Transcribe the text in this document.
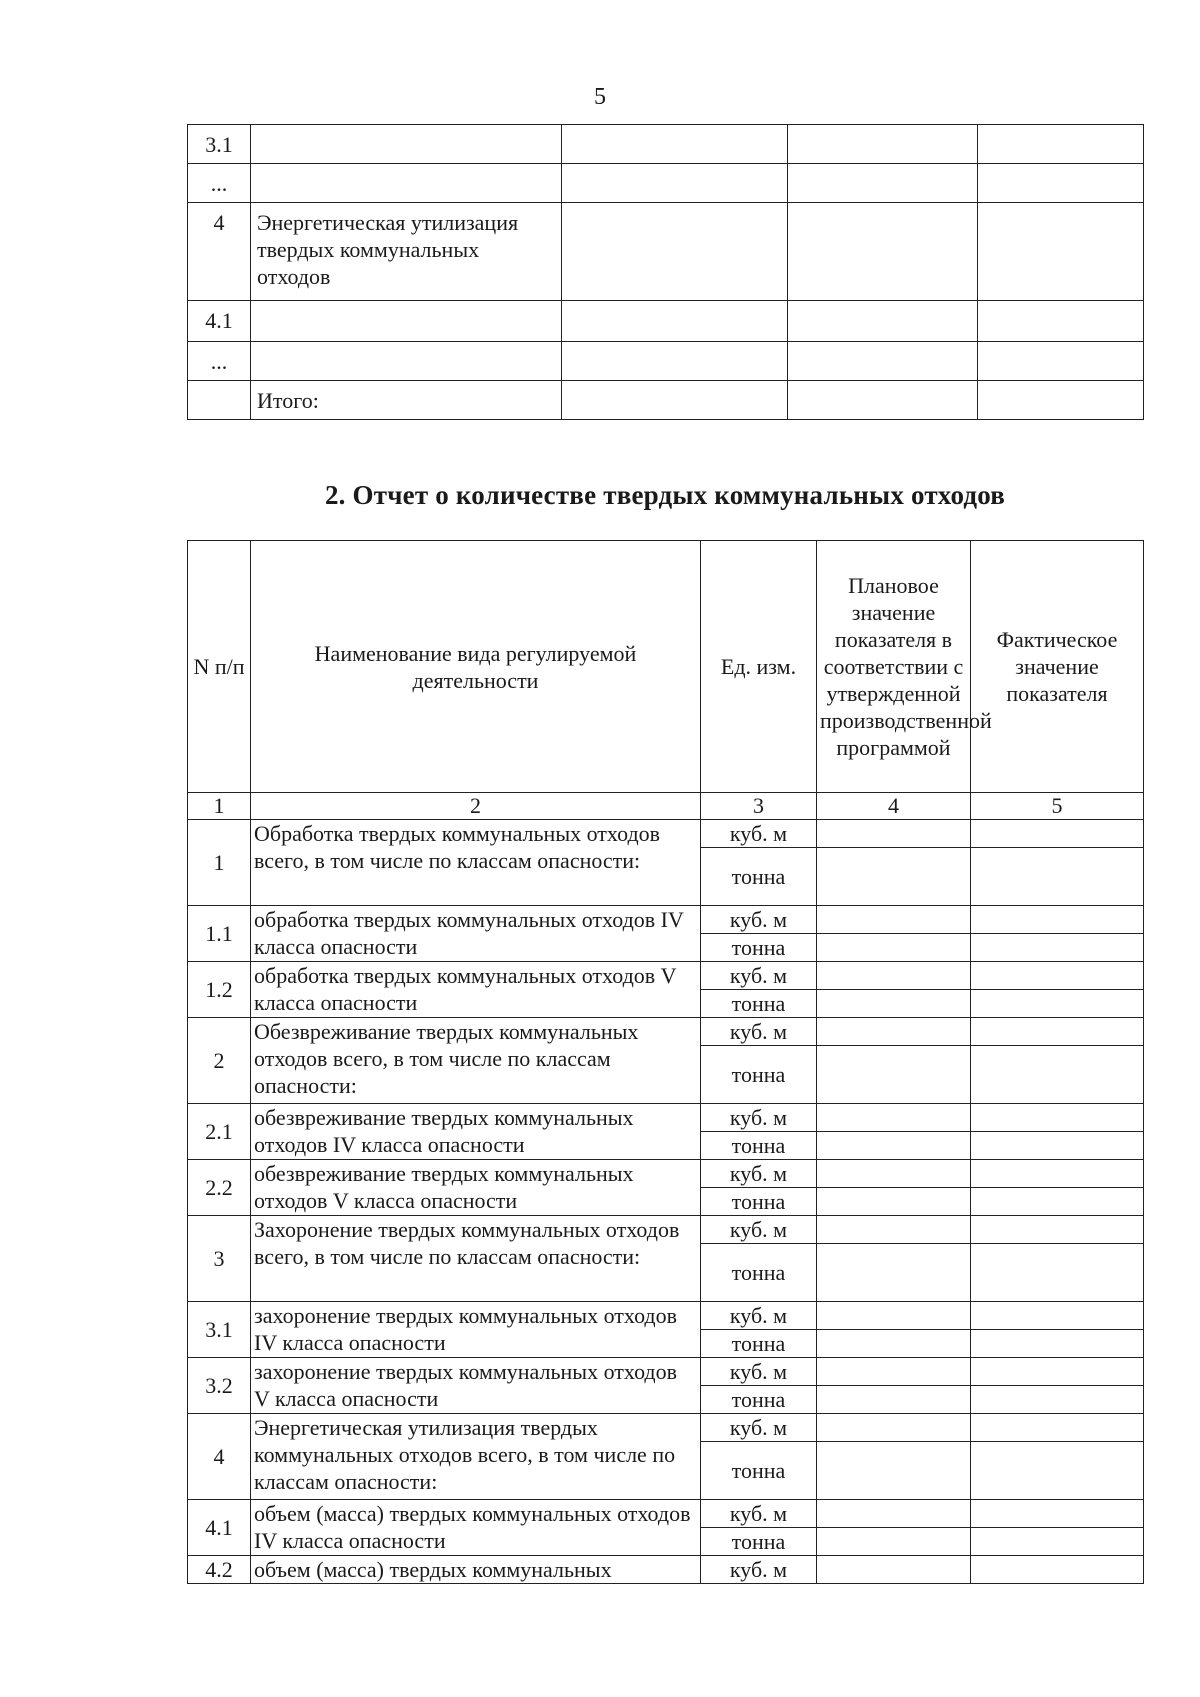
5
3.1				
...				
4	Энергетическая утилизация твердых коммунальных отходов			
4.1				
...				
	Итого:			
2. Отчет о количестве твердых коммунальных отходов
N п/п	Наименование вида регулируемой деятельности	Ед. изм.	Плановое значение показателя в соответствии с утвержденной производственной программой	Фактическое значение показателя
1	2	3	4	5
1	Обработка твердых коммунальных отходов всего, в том числе по классам опасности:	куб. м		
		тонна		
1.1	обработка твердых коммунальных отходов IV класса опасности	куб. м		
		тонна		
1.2	обработка твердых коммунальных отходов V класса опасности	куб. м		
		тонна		
2	Обезвреживание твердых коммунальных отходов всего, в том числе по классам опасности:	куб. м		
		тонна		
2.1	обезвреживание твердых коммунальных отходов IV класса опасности	куб. м		
		тонна		
2.2	обезвреживание твердых коммунальных отходов V класса опасности	куб. м		
		тонна		
3	Захоронение твердых коммунальных отходов всего, в том числе по классам опасности:	куб. м		
		тонна		
3.1	захоронение твердых коммунальных отходов IV класса опасности	куб. м		
		тонна		
3.2	захоронение твердых коммунальных отходов V класса опасности	куб. м		
		тонна		
4	Энергетическая утилизация твердых коммунальных отходов всего, в том числе по классам опасности:	куб. м		
		тонна		
4.1	объем (масса) твердых коммунальных отходов IV класса опасности	куб. м		
		тонна		
4.2	объем (масса) твердых коммунальных	куб. м		
